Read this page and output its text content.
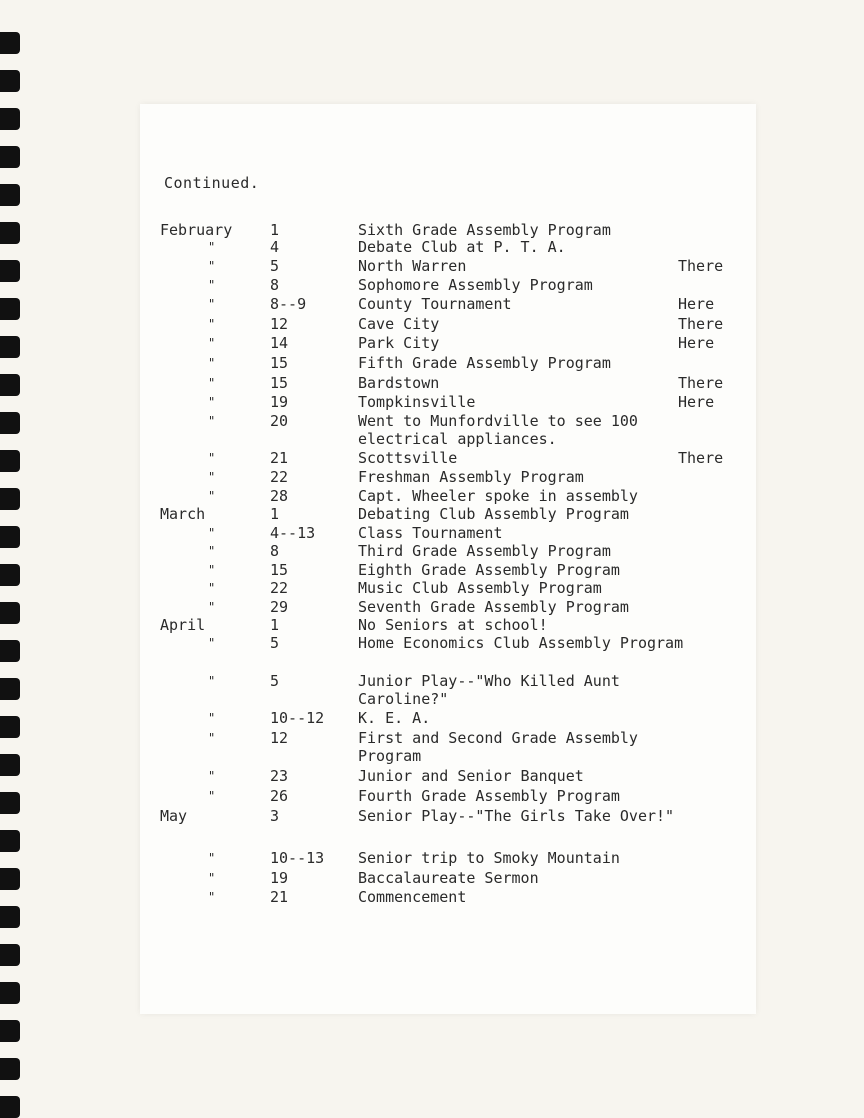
Continued.
February	1	Sixth Grade Assembly Program
"	4	Debate Club at P. T. A.
"	5	North Warren	There
"	8	Sophomore Assembly Program
"	8--9	County Tournament	Here
"	12	Cave City	There
"	14	Park City	Here
"	15	Fifth Grade Assembly Program
"	15	Bardstown	There
"	19	Tompkinsville	Here
"	20	Went to Munfordville to see 100 electrical appliances.
"	21	Scottsville	There
"	22	Freshman Assembly Program
"	28	Capt. Wheeler spoke in assembly
March	1	Debating Club Assembly Program
"	4--13	Class Tournament
"	8	Third Grade Assembly Program
"	15	Eighth Grade Assembly Program
"	22	Music Club Assembly Program
"	29	Seventh Grade Assembly Program
April	1	No Seniors at school!
"	5	Home Economics Club Assembly Program
"	5	Junior Play--"Who Killed Aunt Caroline?"
"	10--12 K. E. A.
"	12	First and Second Grade Assembly Program
"	23	Junior and Senior Banquet
"	26	Fourth Grade Assembly Program
May	3	Senior Play--"The Girls Take Over!"
"	10--13 Senior trip to Smoky Mountain
"	19	Baccalaureate Sermon
"	21	Commencement
